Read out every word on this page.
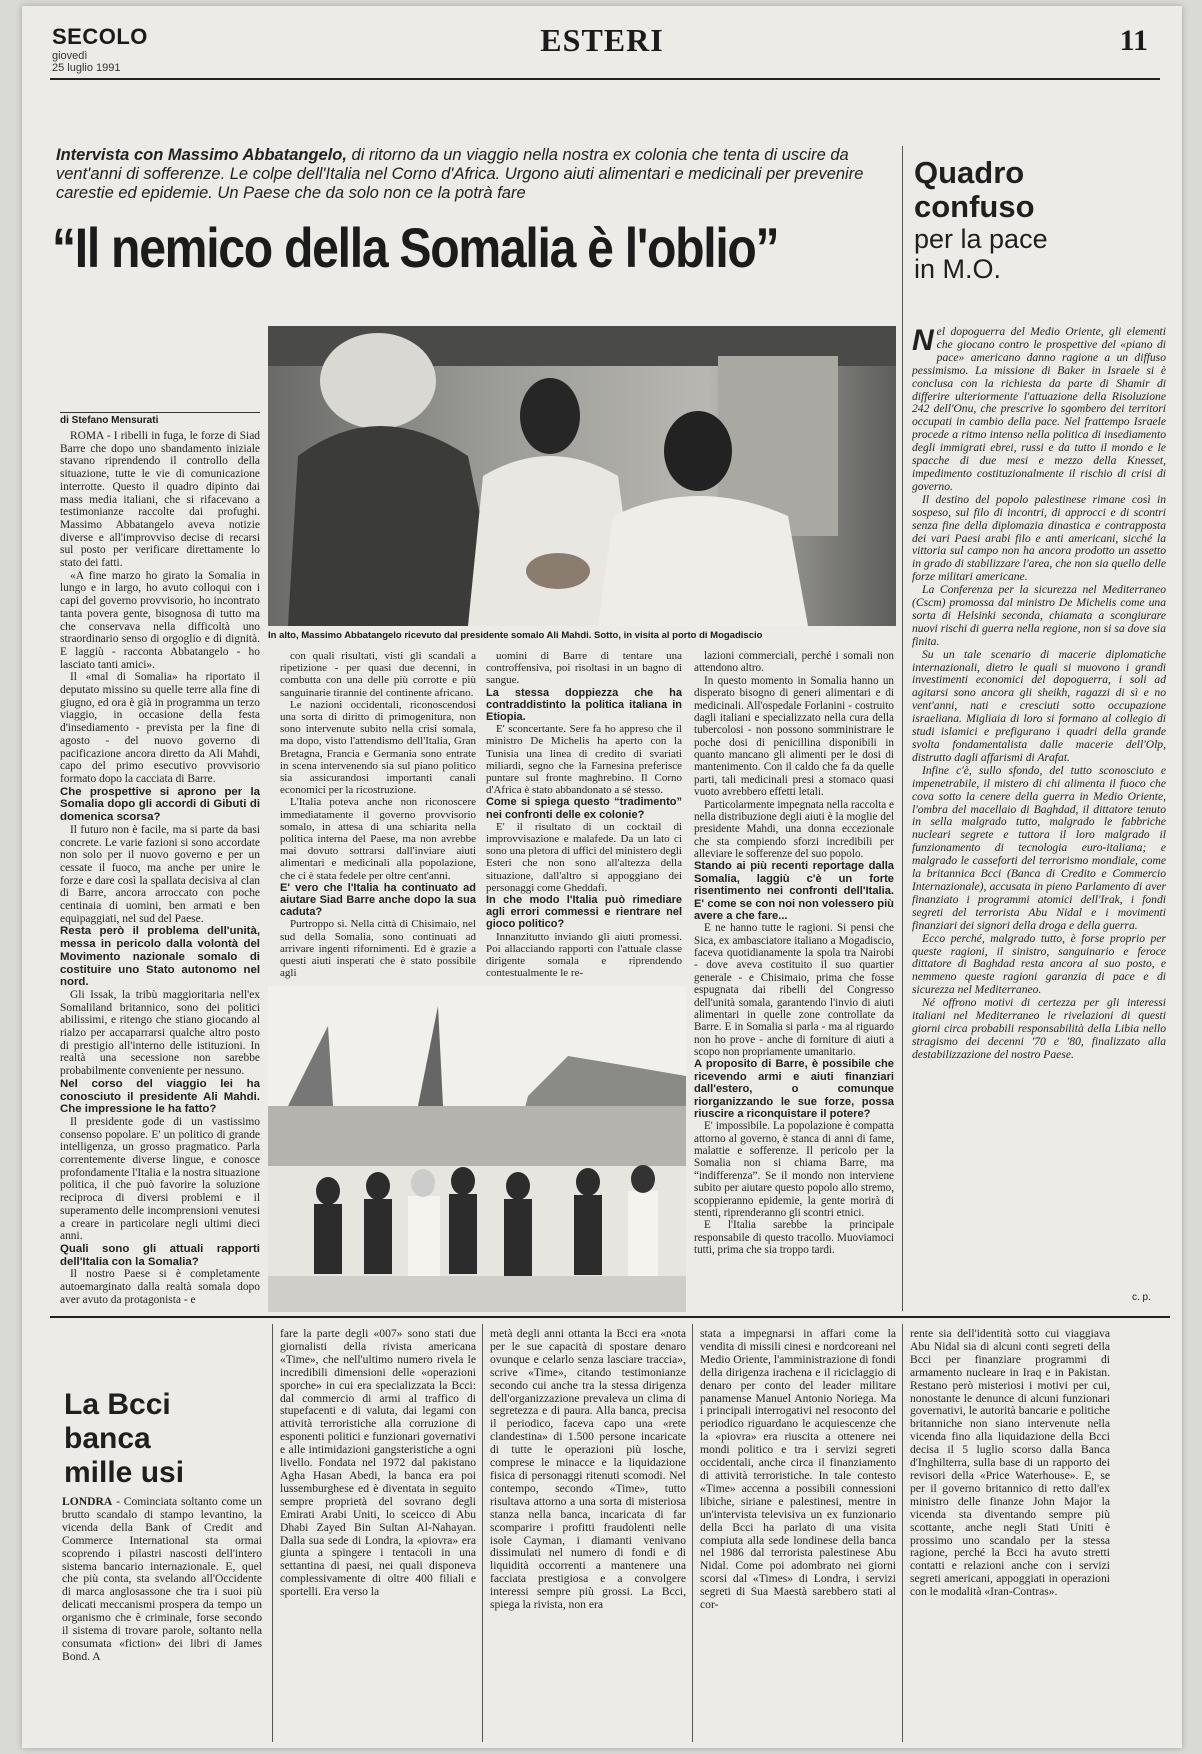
SECOLO
giovedì
25 luglio 1991
ESTERI	11
Intervista con Massimo Abbatangelo, di ritorno da un viaggio nella nostra ex colonia che tenta di uscire da vent'anni di sofferenze. Le colpe dell'Italia nel Corno d'Africa. Urgono aiuti alimentari e medicinali per prevenire carestie ed epidemie. Un Paese che da solo non ce la potrà fare
“Il nemico della Somalia è l'oblio”
Quadro
confuso
per la pace
in M.O.
In alto, Massimo Abbatangelo ricevuto dal presidente somalo Ali Mahdi. Sotto, in visita al porto di Mogadiscio
di Stefano Mensurati

ROMA - I ribelli in fuga, le forze di Siad Barre che dopo uno sbandamento iniziale stavano riprendendo il controllo della situazione, tutte le vie di comunicazione interrotte. Questo il quadro dipinto dai mass media italiani, che si rifacevano a testimonianze raccolte dai profughi. Massimo Abbatangelo aveva notizie diverse e all'improvviso decise di recarsi sul posto per verificare direttamente lo stato dei fatti.

«A fine marzo ho girato la Somalia in lungo e in largo, ho avuto colloqui con i capi del governo provvisorio, ho incontrato tanta povera gente, bisognosa di tutto ma che conservava nella difficoltà uno straordinario senso di orgoglio e di dignità. E laggiù - racconta Abbatangelo - ho lasciato tanti amici».

Il «mal di Somalia» ha riportato il deputato missino su quelle terre alla fine di giugno, ed ora è già in programma un terzo viaggio, in occasione della festa d'insediamento - prevista per la fine di agosto - del nuovo governo di pacificazione ancora diretto da Ali Mahdi, capo del primo esecutivo provvisorio formato dopo la cacciata di Barre.

Che prospettive si aprono per la Somalia dopo gli accordi di Gibuti di domenica scorsa?

Il futuro non è facile, ma si parte da basi concrete. Le varie fazioni si sono accordate non solo per il nuovo governo e per un cessate il fuoco, ma anche per unire le forze e dare così la spallata decisiva al clan di Barre, ancora arroccato con poche centinaia di uomini, ben armati e ben equipaggiati, nel sud del Paese.

Resta però il problema dell'unità, messa in pericolo dalla volontà del Movimento nazionale somalo di costituire uno Stato autonomo nel nord.

Gli Issak, la tribù maggioritaria nell'ex Somaliland britannico, sono dei politici abilissimi, e ritengo che stiano giocando al rialzo per accaparrarsi qualche altro posto di prestigio all'interno delle istituzioni. In realtà una secessione non sarebbe probabilmente conveniente per nessuno.

Nel corso del viaggio lei ha conosciuto il presidente Ali Mahdi. Che impressione le ha fatto?

Il presidente gode di un vastissimo consenso popolare. E' un politico di grande intelligenza, un grosso pragmatico. Parla correntemente diverse lingue, e conosce profondamente l'Italia e la nostra situazione politica, il che può favorire la soluzione reciproca di diversi problemi e il superamento delle incomprensioni venutesi a creare in particolare negli ultimi dieci anni.

Quali sono gli attuali rapporti dell'Italia con la Somalia?

Il nostro Paese si è completamente autoemarginato dalla realtà somala dopo aver avuto da protagonista - e

con quali risultati, visti gli scandali a ripetizione - per quasi due decenni, in combutta con una delle più corrotte e più sanguinarie tirannie del continente africano.

Le nazioni occidentali, riconoscendosi una sorta di diritto di primogenitura, non sono intervenute subito nella crisi somala, ma dopo, visto l'attendismo dell'Italia, Gran Bretagna, Francia e Germania sono entrate in scena intervenendo sia sul piano politico sia assicurandosi importanti canali economici per la ricostruzione.

L'Italia poteva anche non riconoscere immediatamente il governo provvisorio somalo, in attesa di una schiarita nella politica interna del Paese, ma non avrebbe mai dovuto sottrarsi dall'inviare aiuti alimentari e medicinali alla popolazione, che ci è stata fedele per oltre cent'anni.

E' vero che l'Italia ha continuato ad aiutare Siad Barre anche dopo la sua caduta?

Purtroppo sì. Nella città di Chisimaio, nel sud della Somalia, sono continuati ad arrivare ingenti rifornimenti. Ed è grazie a questi aiuti insperati che è stato possibile agli

uomini di Barre di tentare una controffensiva, poi risoltasi in un bagno di sangue.

La stessa doppiezza che ha contraddistinto la politica italiana in Etiopia.

E' sconcertante. Sere fa ho appreso che il ministro De Michelis ha aperto con la Tunisia una linea di credito di svariati miliardi, segno che la Farnesina preferisce puntare sul fronte maghrebino. Il Corno d'Africa è stato abbandonato a sé stesso.

Come si spiega questo “tradimento” nei confronti delle ex colonie?

E' il risultato di un cocktail di improvvisazione e malafede. Da un lato ci sono una pletora di uffici del ministero degli Esteri che non sono all'altezza della situazione, dall'altro si appoggiano dei personaggi come Gheddafi.

In che modo l'Italia può rimediare agli errori commessi e rientrare nel gioco politico?

Innanzitutto inviando gli aiuti promessi. Poi allacciando rapporti con l'attuale classe dirigente somala e riprendendo contestualmente le re-

lazioni commerciali, perché i somali non attendono altro.

In questo momento in Somalia hanno un disperato bisogno di generi alimentari e di medicinali. All'ospedale Forlanini - costruito dagli italiani e specializzato nella cura della tubercolosi - non possono somministrare le poche dosi di penicillina disponibili in quanto mancano gli alimenti per le dosi di mantenimento. Con il caldo che fa da quelle parti, tali medicinali presi a stomaco quasi vuoto avrebbero effetti letali.

Particolarmente impegnata nella raccolta e nella distribuzione degli aiuti è la moglie del presidente Mahdi, una donna eccezionale che sta compiendo sforzi incredibili per alleviare le sofferenze del suo popolo.

Stando ai più recenti reportage dalla Somalia, laggiù c'è un forte risentimento nei confronti dell'Italia. E' come se con noi non volessero più avere a che fare...

E ne hanno tutte le ragioni. Si pensi che Sica, ex ambasciatore italiano a Mogadiscio, faceva quotidianamente la spola tra Nairobi - dove aveva costituito il suo quartier generale - e Chisimaio, prima che fosse espugnata dai ribelli del Congresso dell'unità somala, garantendo l'invio di aiuti alimentari in quelle zone controllate da Barre. E in Somalia si parla - ma al riguardo non ho prove - anche di forniture di aiuti a scopo non propriamente umanitario.

A proposito di Barre, è possibile che ricevendo armi e aiuti finanziari dall'estero, o comunque riorganizzando le sue forze, possa riuscire a riconquistare il potere?

E' impossibile. La popolazione è compatta attorno al governo, è stanca di anni di fame, malattie e sofferenze. Il pericolo per la Somalia non si chiama Barre, ma “indifferenza”. Se il mondo non interviene subito per aiutare questo popolo allo stremo, scoppieranno epidemie, la gente morirà di stenti, riprenderanno gli scontri etnici.

E l'Italia sarebbe la principale responsabile di questo tracollo. Muoviamoci tutti, prima che sia troppo tardi.

Nel dopoguerra del Medio Oriente, gli elementi che giocano contro le prospettive del «piano di pace» americano danno ragione a un diffuso pessimismo. La missione di Baker in Israele si è conclusa con la richiesta da parte di Shamir di differire ulteriormente l'attuazione della Risoluzione 242 dell'Onu, che prescrive lo sgombero dei territori occupati in cambio della pace. Nel frattempo Israele procede a ritmo intenso nella politica di insediamento degli immigrati ebrei, russi e da tutto il mondo e le spacche di due mesi e mezzo della Knesset, impedimento costituzionalmente il rischio di crisi di governo.

Il destino del popolo palestinese rimane così in sospeso, sul filo di incontri, di approcci e di scontri senza fine della diplomazia dinastica e contrapposta dei vari Paesi arabi filo e anti americani, sicché la vittoria sul campo non ha ancora prodotto un assetto in grado di stabilizzare l'area, che non sia quello delle forze militari americane.

La Conferenza per la sicurezza nel Mediterraneo (Cscm) promossa dal ministro De Michelis come una sorta di Helsinki seconda, chiamata a scongiurare nuovi rischi di guerra nella regione, non si sa dove sia finita.

Su un tale scenario di macerie diplomatiche internazionali, dietro le quali si muovono i grandi investimenti economici del dopoguerra, i soli ad agitarsi sono ancora gli sheikh, ragazzi di sì e no vent'anni, nati e cresciuti sotto occupazione israeliana. Migliaia di loro si formano al collegio di studi islamici e prefigurano i quadri della grande svolta fondamentalista dalle macerie dell'Olp, distrutto dagli affarismi di Arafat.

Infine c'è, sullo sfondo, del tutto sconosciuto e impenetrabile, il mistero di chi alimenta il fuoco che cova sotto la cenere della guerra in Medio Oriente, l'ombra del macellaio di Baghdad, il dittatore tenuto in sella malgrado tutto, malgrado le fabbriche nucleari segrete e tuttora il loro malgrado il funzionamento di tecnologia euro-italiana; e malgrado le casseforti del terrorismo mondiale, come la britannica Bcci (Banca di Credito e Commercio Internazionale), accusata in pieno Parlamento di aver finanziato i programmi atomici dell'Irak, i fondi segreti del terrorista Abu Nidal e i movimenti finanziari dei signori della droga e della guerra.

Ecco perché, malgrado tutto, è forse proprio per queste ragioni, il sinistro, sanguinario e feroce dittatore di Baghdad resta ancora al suo posto, e nemmeno queste ragioni garanzia di pace e di sicurezza nel Mediterraneo.

Né offrono motivi di certezza per gli interessi italiani nel Mediterraneo le rivelazioni di questi giorni circa probabili responsabilità della Libia nello stragismo dei decenni '70 e '80, finalizzato alla destabilizzazione del nostro Paese.

c. p.
La Bcci
banca
mille usi

LONDRA - Cominciata soltanto come un brutto scandalo di stampo levantino, la vicenda della Bank of Credit and Commerce International sta ormai scoprendo i pilastri nascosti dell'intero sistema bancario internazionale. E, quel che più conta, sta svelando all'Occidente di marca anglosassone che tra i suoi più delicati meccanismi prospera da tempo un organismo che è criminale, forse secondo il sistema di trovare parole, soltanto nella consumata «fiction» dei libri di James Bond. A

fare la parte degli «007» sono stati due giornalisti della rivista americana «Time», che nell'ultimo numero rivela le incredibili dimensioni delle «operazioni sporche» in cui era specializzata la Bcci: dal commercio di armi al traffico di stupefacenti e di valuta, dai legami con attività terroristiche alla corruzione di esponenti politici e funzionari governativi e alle intimidazioni gangsteristiche a ogni livello. Fondata nel 1972 dal pakistano Agha Hasan Abedi, la banca era poi lussemburghese ed è diventata in seguito sempre proprietà del sovrano degli Emirati Arabi Uniti, lo sceicco di Abu Dhabi Zayed Bin Sultan Al-Nahayan. Dalla sua sede di Londra, la «piovra» era giunta a spingere i tentacoli in una settantina di paesi, nei quali disponeva complessivamente di oltre 400 filiali e sportelli. Era verso la

metà degli anni ottanta la Bcci era «nota per le sue capacità di spostare denaro ovunque e celarlo senza lasciare traccia», scrive «Time», citando testimonianze secondo cui anche tra la stessa dirigenza dell'organizzazione prevaleva un clima di segretezza e di paura. Alla banca, precisa il periodico, faceva capo una «rete clandestina» di 1.500 persone incaricate di tutte le operazioni più losche, comprese le minacce e la liquidazione fisica di personaggi ritenuti scomodi. Nel contempo, secondo «Time», tutto risultava attorno a una sorta di misteriosa stanza nella banca, incaricata di far scomparire i profitti fraudolenti nelle isole Cayman, i diamanti venivano dissimulati nel numero di fondi e di liquidità occorrenti a mantenere una facciata prestigiosa e a convolgere interessi sempre più grossi. La Bcci, spiega la rivista, non era

stata a impegnarsi in affari come la vendita di missili cinesi e nordcoreani nel Medio Oriente, l'amministrazione di fondi della dirigenza irachena e il riciclaggio di denaro per conto del leader militare panamense Manuel Antonio Noriega. Ma i principali interrogativi nel resoconto del periodico riguardano le acquiescenze che la «piovra» era riuscita a ottenere nei mondi politico e tra i servizi segreti occidentali, anche circa il finanziamento di attività terroristiche. In tale contesto «Time» accenna a possibili connessioni libiche, siriane e palestinesi, mentre in un'intervista televisiva un ex funzionario della Bcci ha parlato di una visita compiuta alla sede londinese della banca nel 1986 dal terrorista palestinese Abu Nidal. Come poi adombrato nei giorni scorsi dal «Times» di Londra, i servizi segreti di Sua Maestà sarebbero stati al cor-

rente sia dell'identità sotto cui viaggiava Abu Nidal sia di alcuni conti segreti della Bcci per finanziare programmi di armamento nucleare in Iraq e in Pakistan. Restano però misteriosi i motivi per cui, nonostante le denunce di alcuni funzionari governativi, le autorità bancarie e politiche britanniche non siano intervenute nella vicenda fino alla liquidazione della Bcci decisa il 5 luglio scorso dalla Banca d'Inghilterra, sulla base di un rapporto dei revisori della «Price Waterhouse». E, se per il governo britannico di retto dall'ex ministro delle finanze John Major la vicenda sta diventando sempre più scottante, anche negli Stati Uniti è prossimo uno scandalo per la stessa ragione, perché la Bcci ha avuto stretti contatti e relazioni anche con i servizi segreti americani, appoggiati in operazioni con le modalità «Iran-Contras».
